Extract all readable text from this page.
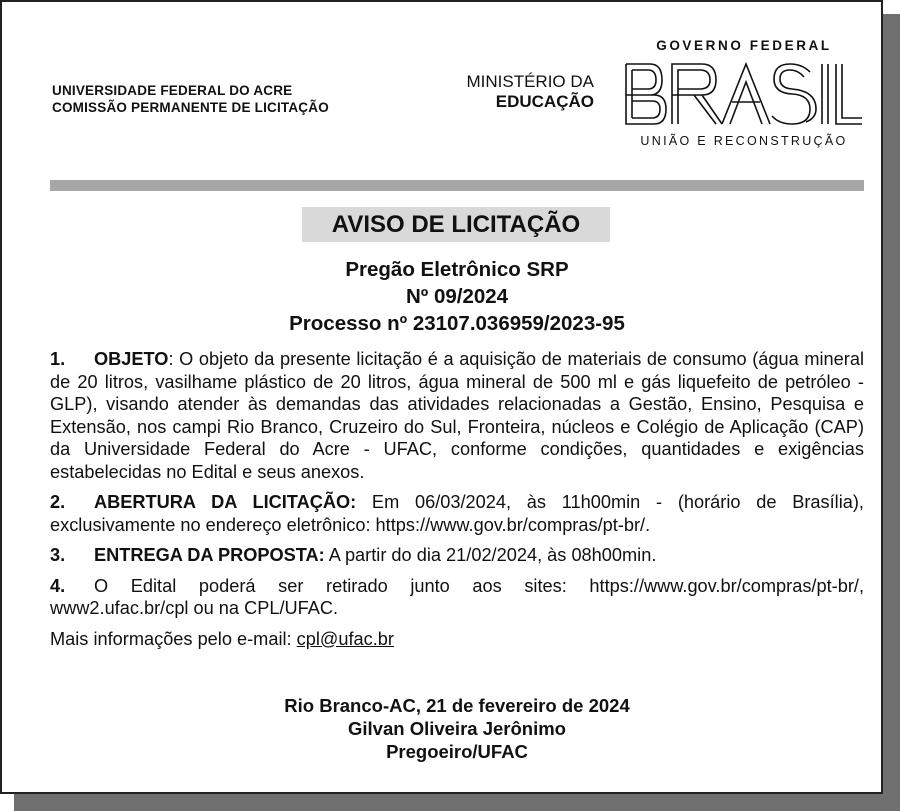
UNIVERSIDADE FEDERAL DO ACRE
COMISSÃO PERMANENTE DE LICITAÇÃO
MINISTÉRIO DA
EDUCAÇÃO
GOVERNO FEDERAL
UNIÃO E RECONSTRUÇÃO
AVISO DE LICITAÇÃO
Pregão Eletrônico SRP
Nº 09/2024
Processo nº 23107.036959/2023-95

1. OBJETO: O objeto da presente licitação é a aquisição de materiais de consumo (água mineral de 20 litros, vasilhame plástico de 20 litros, água mineral de 500 ml e gás liquefeito de petróleo - GLP), visando atender às demandas das atividades relacionadas a Gestão, Ensino, Pesquisa e Extensão, nos campi Rio Branco, Cruzeiro do Sul, Fronteira, núcleos e Colégio de Aplicação (CAP) da Universidade Federal do Acre - UFAC, conforme condições, quantidades e exigências estabelecidas no Edital e seus anexos.

2. ABERTURA DA LICITAÇÃO: Em 06/03/2024, às 11h00min - (horário de Brasília), exclusivamente no endereço eletrônico: https://www.gov.br/compras/pt-br/.

3. ENTREGA DA PROPOSTA: A partir do dia 21/02/2024, às 08h00min.

4. O Edital poderá ser retirado junto aos sites: https://www.gov.br/compras/pt-br/, www2.ufac.br/cpl ou na CPL/UFAC.

Mais informações pelo e-mail: cpl@ufac.br

Rio Branco-AC, 21 de fevereiro de 2024
Gilvan Oliveira Jerônimo
Pregoeiro/UFAC
